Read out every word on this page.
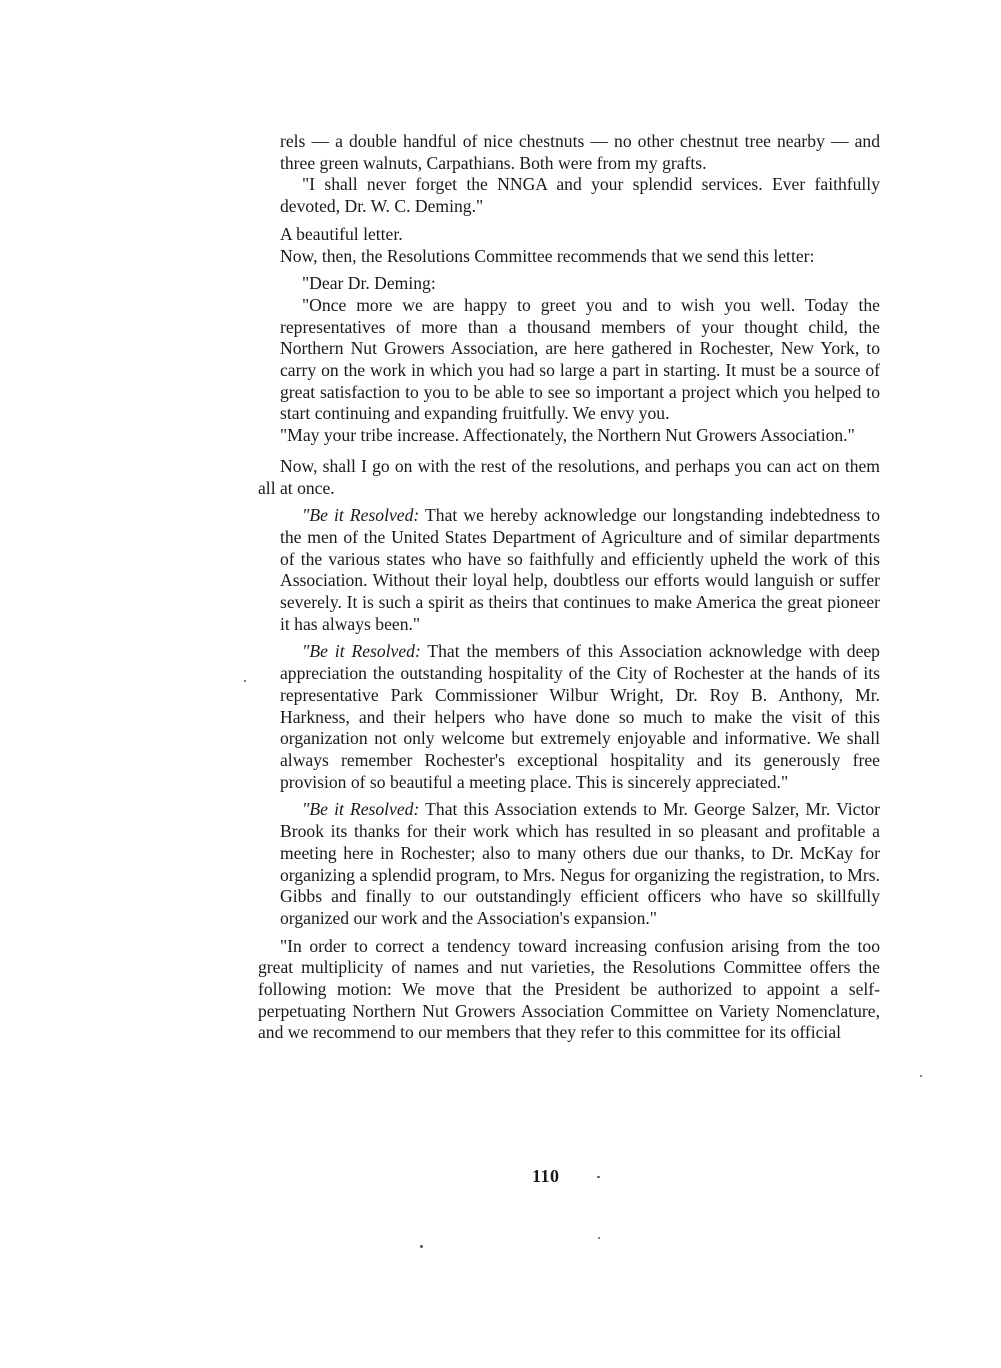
rels — a double handful of nice chestnuts — no other chestnut tree nearby — and three green walnuts, Carpathians. Both were from my grafts.

"I shall never forget the NNGA and your splendid services. Ever faithfully devoted, Dr. W. C. Deming."

A beautiful letter.

Now, then, the Resolutions Committee recommends that we send this letter:

"Dear Dr. Deming:

"Once more we are happy to greet you and to wish you well. Today the representatives of more than a thousand members of your thought child, the Northern Nut Growers Association, are here gathered in Rochester, New York, to carry on the work in which you had so large a part in starting. It must be a source of great satisfaction to you to be able to see so important a project which you helped to start continuing and expanding fruitfully. We envy you.

"May your tribe increase. Affectionately, the Northern Nut Growers Association."

Now, shall I go on with the rest of the resolutions, and perhaps you can act on them all at once.

"Be it Resolved: That we hereby acknowledge our longstanding indebtedness to the men of the United States Department of Agriculture and of similar departments of the various states who have so faithfully and efficiently upheld the work of this Association. Without their loyal help, doubtless our efforts would languish or suffer severely. It is such a spirit as theirs that continues to make America the great pioneer it has always been."

"Be it Resolved: That the members of this Association acknowledge with deep appreciation the outstanding hospitality of the City of Rochester at the hands of its representative Park Commissioner Wilbur Wright, Dr. Roy B. Anthony, Mr. Harkness, and their helpers who have done so much to make the visit of this organization not only welcome but extremely enjoyable and informative. We shall always remember Rochester's exceptional hospitality and its generously free provision of so beautiful a meeting place. This is sincerely appreciated."

"Be it Resolved: That this Association extends to Mr. George Salzer, Mr. Victor Brook its thanks for their work which has resulted in so pleasant and profitable a meeting here in Rochester; also to many others due our thanks, to Dr. McKay for organizing a splendid program, to Mrs. Negus for organizing the registration, to Mrs. Gibbs and finally to our outstandingly efficient officers who have so skillfully organized our work and the Association's expansion."

"In order to correct a tendency toward increasing confusion arising from the too great multiplicity of names and nut varieties, the Resolutions Committee offers the following motion: We move that the President be authorized to appoint a self-perpetuating Northern Nut Growers Association Committee on Variety Nomenclature, and we recommend to our members that they refer to this committee for its official

110
